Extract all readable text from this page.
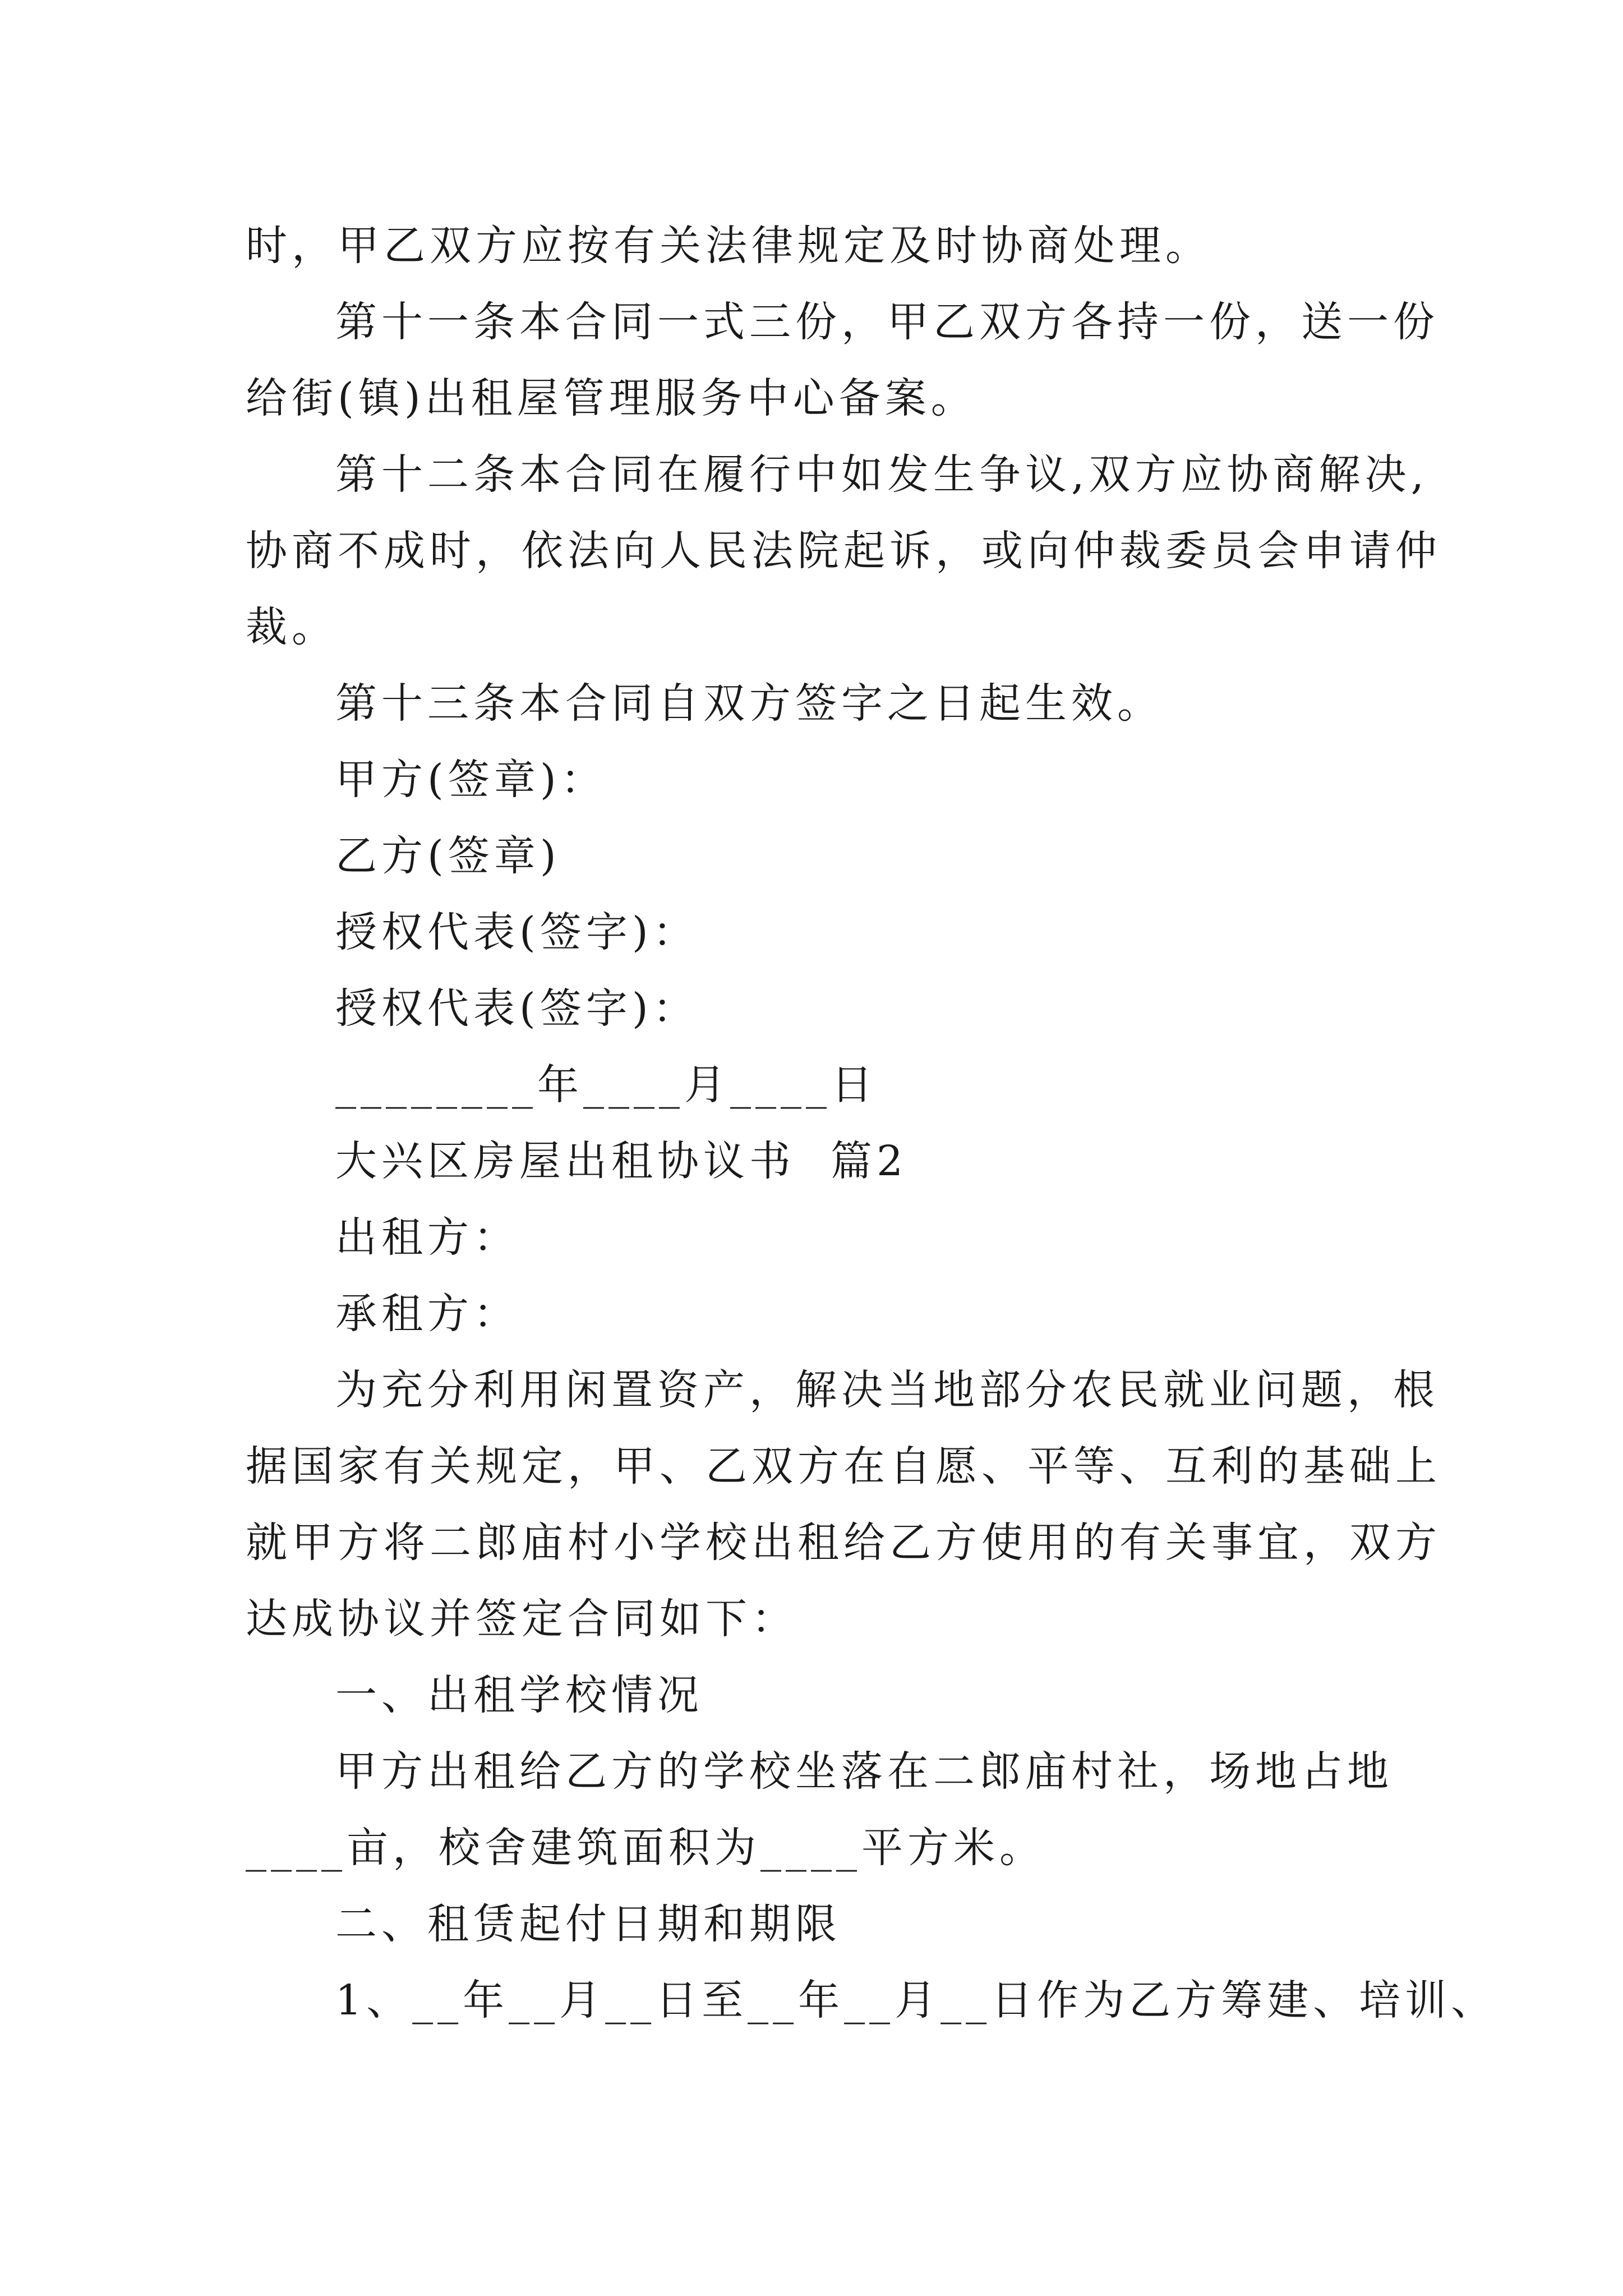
时，甲乙双方应按有关法律规定及时协商处理。
第十一条本合同一式三份，甲乙双方各持一份，送一份
给街(镇)出租屋管理服务中心备案。
第十二条本合同在履行中如发生争议,双方应协商解决,
协商不成时，依法向人民法院起诉，或向仲裁委员会申请仲
裁。
第十三条本合同自双方签字之日起生效。
甲方(签章)：
乙方(签章)
授权代表(签字)：
授权代表(签字)：
________年____月____日
大兴区房屋出租协议书  篇2
出租方：
承租方：
为充分利用闲置资产，解决当地部分农民就业问题，根
据国家有关规定，甲、乙双方在自愿、平等、互利的基础上
就甲方将二郎庙村小学校出租给乙方使用的有关事宜，双方
达成协议并签定合同如下：
一、出租学校情况
甲方出租给乙方的学校坐落在二郎庙村社，场地占地
____亩，校舍建筑面积为____平方米。
二、租赁起付日期和期限
1、__年__月__日至__年__月__日作为乙方筹建、培训、
